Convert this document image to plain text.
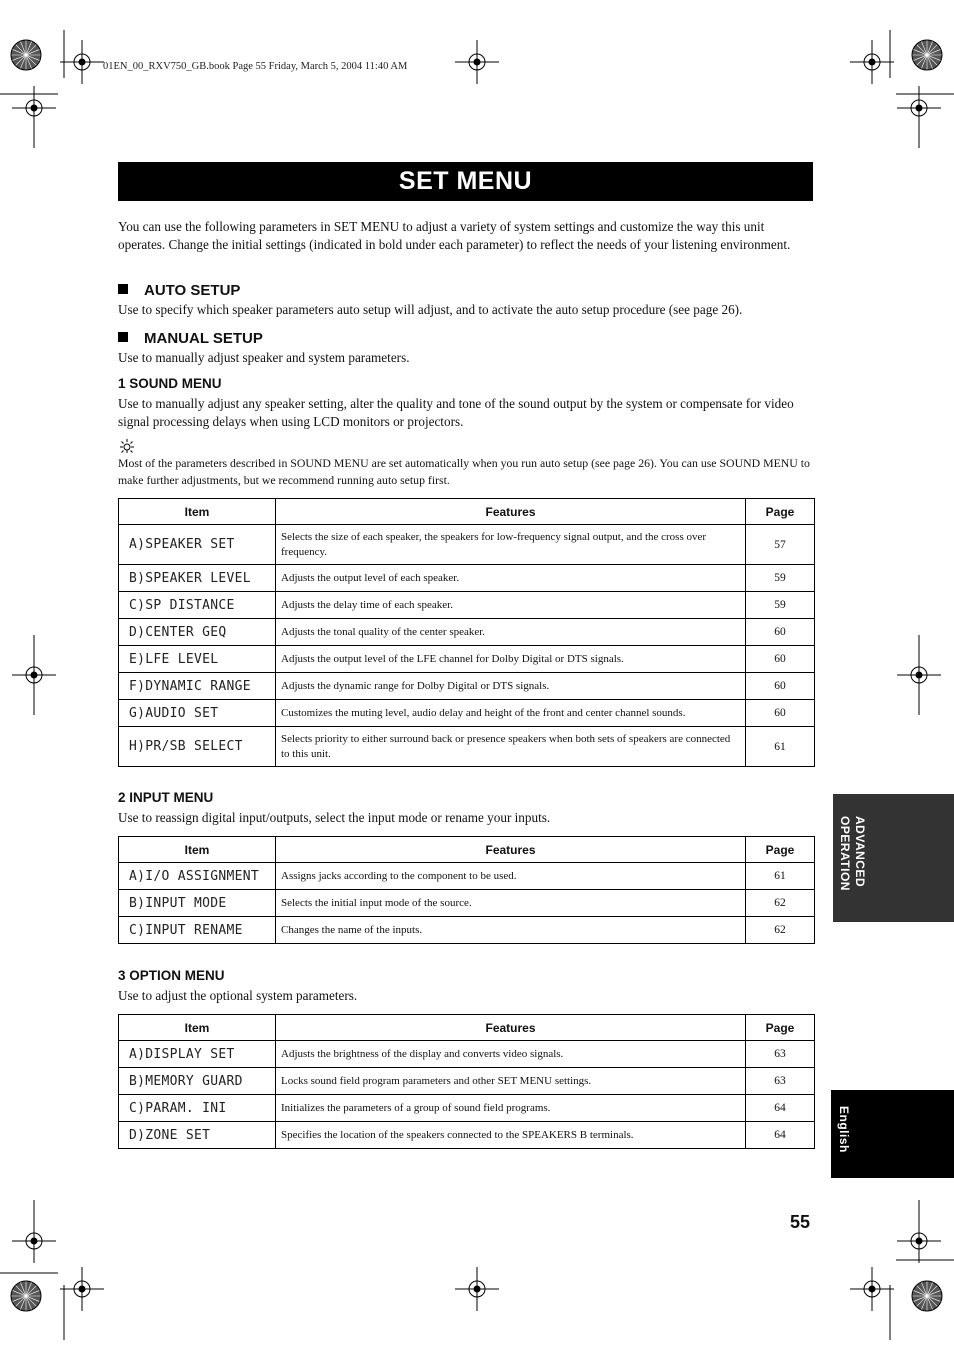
01EN_00_RXV750_GB.book Page 55 Friday, March 5, 2004 11:40 AM
SET MENU
You can use the following parameters in SET MENU to adjust a variety of system settings and customize the way this unit operates. Change the initial settings (indicated in bold under each parameter) to reflect the needs of your listening environment.
AUTO SETUP
Use to specify which speaker parameters auto setup will adjust, and to activate the auto setup procedure (see page 26).
MANUAL SETUP
Use to manually adjust speaker and system parameters.
1 SOUND MENU
Use to manually adjust any speaker setting, alter the quality and tone of the sound output by the system or compensate for video signal processing delays when using LCD monitors or projectors.
Most of the parameters described in SOUND MENU are set automatically when you run auto setup (see page 26). You can use SOUND MENU to make further adjustments, but we recommend running auto setup first.
Item	Features	Page
A)SPEAKER SET	Selects the size of each speaker, the speakers for low-frequency signal output, and the cross over frequency.	57
B)SPEAKER LEVEL	Adjusts the output level of each speaker.	59
C)SP DISTANCE	Adjusts the delay time of each speaker.	59
D)CENTER GEQ	Adjusts the tonal quality of the center speaker.	60
E)LFE LEVEL	Adjusts the output level of the LFE channel for Dolby Digital or DTS signals.	60
F)DYNAMIC RANGE	Adjusts the dynamic range for Dolby Digital or DTS signals.	60
G)AUDIO SET	Customizes the muting level, audio delay and height of the front and center channel sounds.	60
H)PR/SB SELECT	Selects priority to either surround back or presence speakers when both sets of speakers are connected to this unit.	61
2 INPUT MENU
Use to reassign digital input/outputs, select the input mode or rename your inputs.
Item	Features	Page
A)I/O ASSIGNMENT	Assigns jacks according to the component to be used.	61
B)INPUT MODE	Selects the initial input mode of the source.	62
C)INPUT RENAME	Changes the name of the inputs.	62
3 OPTION MENU
Use to adjust the optional system parameters.
Item	Features	Page
A)DISPLAY SET	Adjusts the brightness of the display and converts video signals.	63
B)MEMORY GUARD	Locks sound field program parameters and other SET MENU settings.	63
C)PARAM. INI	Initializes the parameters of a group of sound field programs.	64
D)ZONE SET	Specifies the location of the speakers connected to the SPEAKERS B terminals.	64
ADVANCED
OPERATION
English
55
